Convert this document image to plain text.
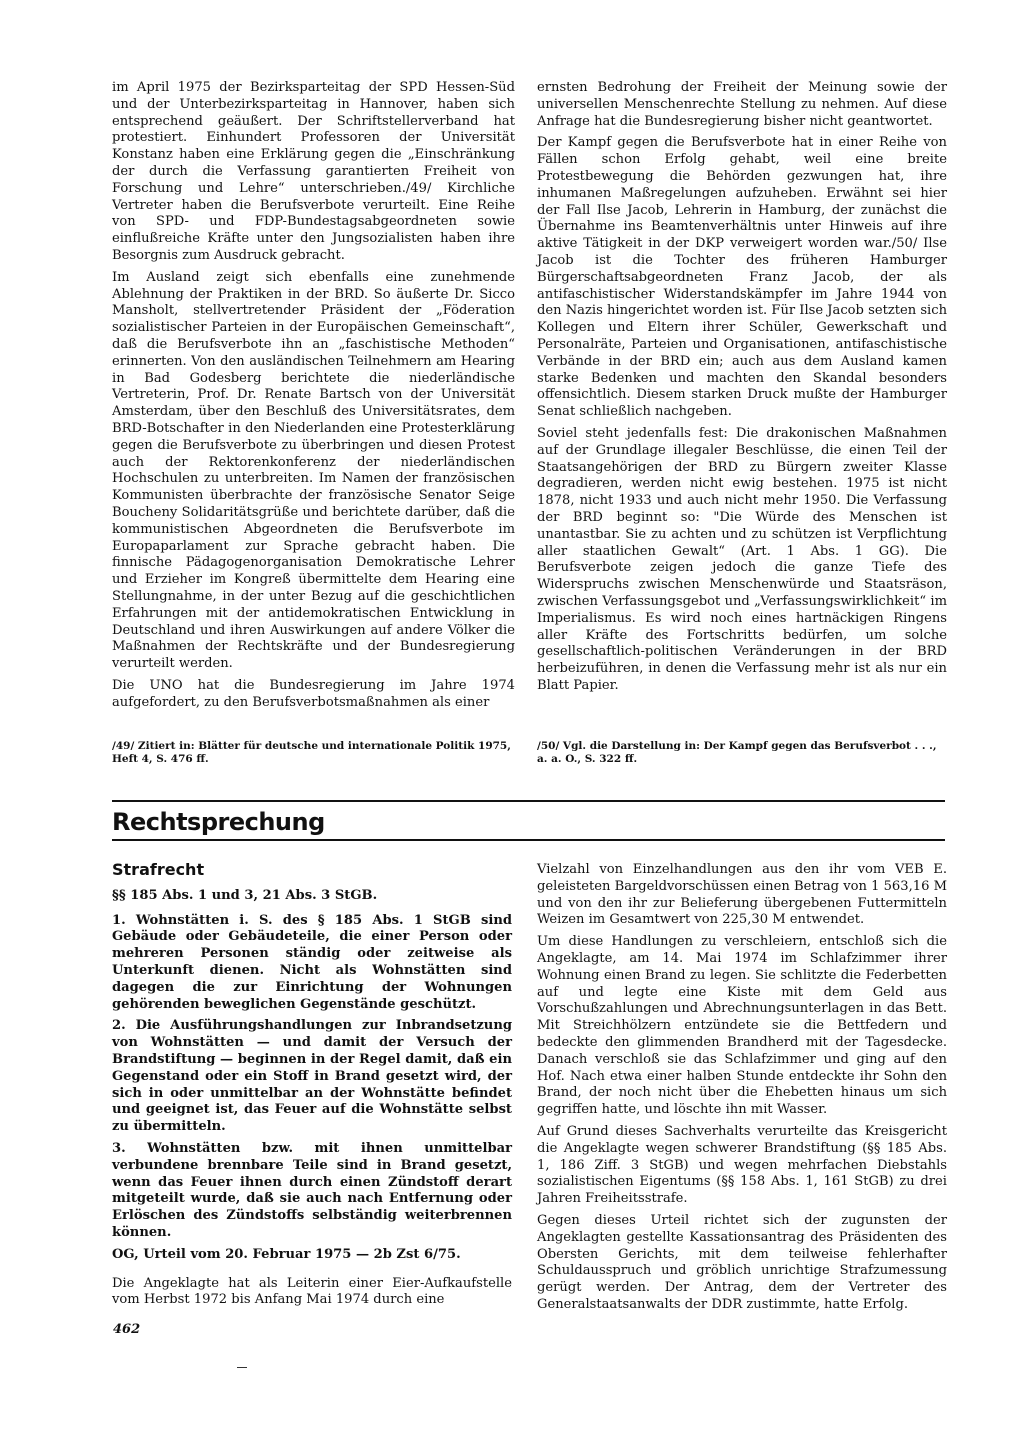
im April 1975 der Bezirksparteitag der SPD Hessen-Süd und der Unterbezirksparteitag in Hannover, haben sich entsprechend geäußert. Der Schriftstellerverband hat protestiert. Einhundert Professoren der Universität Konstanz haben eine Erklärung gegen die „Einschränkung der durch die Verfassung garantierten Freiheit von Forschung und Lehre“ unterschrieben./49/ Kirchliche Vertreter haben die Berufsverbote verurteilt. Eine Reihe von SPD- und FDP-Bundestagsabgeordneten sowie einflußreiche Kräfte unter den Jungsozialisten haben ihre Besorgnis zum Ausdruck gebracht.

Im Ausland zeigt sich ebenfalls eine zunehmende Ablehnung der Praktiken in der BRD. So äußerte Dr. Sicco Mansholt, stellvertretender Präsident der „Föderation sozialistischer Parteien in der Europäischen Gemeinschaft“, daß die Berufsverbote ihn an „faschistische Methoden“ erinnerten. Von den ausländischen Teilnehmern am Hearing in Bad Godesberg berichtete die niederländische Vertreterin, Prof. Dr. Renate Bartsch von der Universität Amsterdam, über den Beschluß des Universitätsrates, dem BRD-Botschafter in den Niederlanden eine Protesterklärung gegen die Berufsverbote zu überbringen und diesen Protest auch der Rektorenkonferenz der niederländischen Hochschulen zu unterbreiten. Im Namen der französischen Kommunisten überbrachte der französische Senator Seige Boucheny Solidaritätsgrüße und berichtete darüber, daß die kommunistischen Abgeordneten die Berufsverbote im Europaparlament zur Sprache gebracht haben. Die finnische Pädagogenorganisation Demokratische Lehrer und Erzieher im Kongreß übermittelte dem Hearing eine Stellungnahme, in der unter Bezug auf die geschichtlichen Erfahrungen mit der antidemokratischen Entwicklung in Deutschland und ihren Auswirkungen auf andere Völker die Maßnahmen der Rechtskräfte und der Bundesregierung verurteilt werden.

Die UNO hat die Bundesregierung im Jahre 1974 aufgefordert, zu den Berufsverbotsmaßnahmen als einer

ernsten Bedrohung der Freiheit der Meinung sowie der universellen Menschenrechte Stellung zu nehmen. Auf diese Anfrage hat die Bundesregierung bisher nicht geantwortet.

Der Kampf gegen die Berufsverbote hat in einer Reihe von Fällen schon Erfolg gehabt, weil eine breite Protestbewegung die Behörden gezwungen hat, ihre inhumanen Maßregelungen aufzuheben. Erwähnt sei hier der Fall Ilse Jacob, Lehrerin in Hamburg, der zunächst die Übernahme ins Beamtenverhältnis unter Hinweis auf ihre aktive Tätigkeit in der DKP verweigert worden war./50/ Ilse Jacob ist die Tochter des früheren Hamburger Bürgerschaftsabgeordneten Franz Jacob, der als antifaschistischer Widerstandskämpfer im Jahre 1944 von den Nazis hingerichtet worden ist. Für Ilse Jacob setzten sich Kollegen und Eltern ihrer Schüler, Gewerkschaft und Personalräte, Parteien und Organisationen, antifaschistische Verbände in der BRD ein; auch aus dem Ausland kamen starke Bedenken und machten den Skandal besonders offensichtlich. Diesem starken Druck mußte der Hamburger Senat schließlich nachgeben.

Soviel steht jedenfalls fest: Die drakonischen Maßnahmen auf der Grundlage illegaler Beschlüsse, die einen Teil der Staatsangehörigen der BRD zu Bürgern zweiter Klasse degradieren, werden nicht ewig bestehen. 1975 ist nicht 1878, nicht 1933 und auch nicht mehr 1950. Die Verfassung der BRD beginnt so: "Die Würde des Menschen ist unantastbar. Sie zu achten und zu schützen ist Verpflichtung aller staatlichen Gewalt“ (Art. 1 Abs. 1 GG). Die Berufsverbote zeigen jedoch die ganze Tiefe des Widerspruchs zwischen Menschenwürde und Staatsräson, zwischen Verfassungsgebot und „Verfassungswirklichkeit“ im Imperialismus. Es wird noch eines hartnäckigen Ringens aller Kräfte des Fortschritts bedürfen, um solche gesellschaftlich-politischen Veränderungen in der BRD herbeizuführen, in denen die Verfassung mehr ist als nur ein Blatt Papier.

/49/ Zitiert in: Blätter für deutsche und internationale Politik 1975, Heft 4, S. 476 ff.
/50/ Vgl. die Darstellung in: Der Kampf gegen das Berufsverbot . . ., a. a. O., S. 322 ff.
Rechtsprechung

Strafrecht

§§ 185 Abs. 1 und 3, 21 Abs. 3 StGB.

1. Wohnstätten i. S. des § 185 Abs. 1 StGB sind Gebäude oder Gebäudeteile, die einer Person oder mehreren Personen ständig oder zeitweise als Unterkunft dienen. Nicht als Wohnstätten sind dagegen die zur Einrichtung der Wohnungen gehörenden beweglichen Gegenstände geschützt.

2. Die Ausführungshandlungen zur Inbrandsetzung von Wohnstätten — und damit der Versuch der Brandstiftung — beginnen in der Regel damit, daß ein Gegenstand oder ein Stoff in Brand gesetzt wird, der sich in oder unmittelbar an der Wohnstätte befindet und geeignet ist, das Feuer auf die Wohnstätte selbst zu übermitteln.

3. Wohnstätten bzw. mit ihnen unmittelbar verbundene brennbare Teile sind in Brand gesetzt, wenn das Feuer ihnen durch einen Zündstoff derart mitgeteilt wurde, daß sie auch nach Entfernung oder Erlöschen des Zündstoffs selbständig weiterbrennen können.

OG, Urteil vom 20. Februar 1975 — 2b Zst 6/75.

Die Angeklagte hat als Leiterin einer Eier-Aufkaufstelle vom Herbst 1972 bis Anfang Mai 1974 durch eine

Vielzahl von Einzelhandlungen aus den ihr vom VEB E. geleisteten Bargeldvorschüssen einen Betrag von 1 563,16 M und von den ihr zur Belieferung übergebenen Futtermitteln Weizen im Gesamtwert von 225,30 M entwendet.

Um diese Handlungen zu verschleiern, entschloß sich die Angeklagte, am 14. Mai 1974 im Schlafzimmer ihrer Wohnung einen Brand zu legen. Sie schlitzte die Federbetten auf und legte eine Kiste mit dem Geld aus Vorschußzahlungen und Abrechnungsunterlagen in das Bett. Mit Streichhölzern entzündete sie die Bettfedern und bedeckte den glimmenden Brandherd mit der Tagesdecke. Danach verschloß sie das Schlafzimmer und ging auf den Hof. Nach etwa einer halben Stunde entdeckte ihr Sohn den Brand, der noch nicht über die Ehebetten hinaus um sich gegriffen hatte, und löschte ihn mit Wasser.

Auf Grund dieses Sachverhalts verurteilte das Kreisgericht die Angeklagte wegen schwerer Brandstiftung (§§ 185 Abs. 1, 186 Ziff. 3 StGB) und wegen mehrfachen Diebstahls sozialistischen Eigentums (§§ 158 Abs. 1, 161 StGB) zu drei Jahren Freiheitsstrafe.

Gegen dieses Urteil richtet sich der zugunsten der Angeklagten gestellte Kassationsantrag des Präsidenten des Obersten Gerichts, mit dem teilweise fehlerhafter Schuldausspruch und gröblich unrichtige Strafzumessung gerügt werden. Der Antrag, dem der Vertreter des Generalstaatsanwalts der DDR zustimmte, hatte Erfolg.

462
